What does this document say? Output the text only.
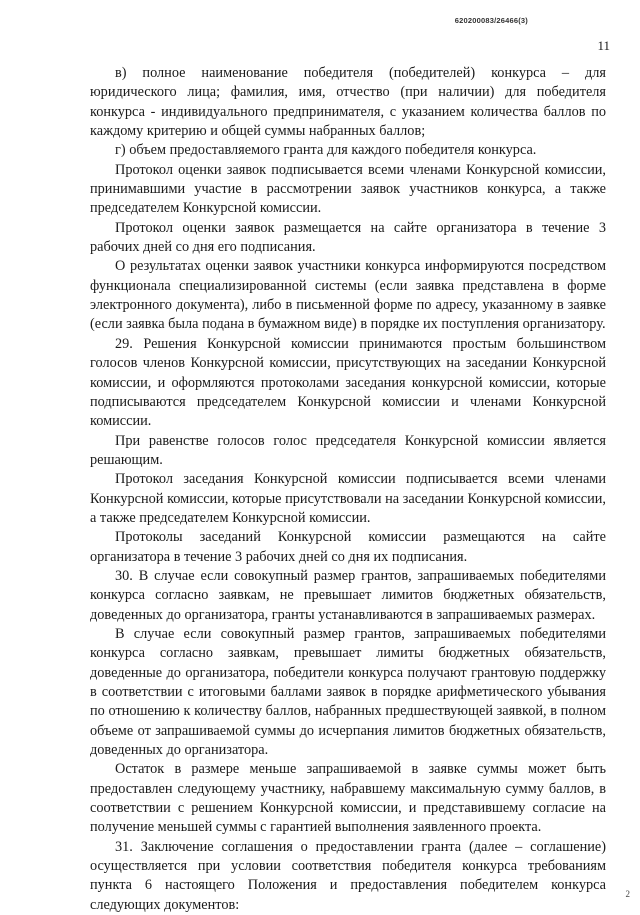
620200083/26466(3)
11

в) полное наименование победителя (победителей) конкурса – для юридического лица; фамилия, имя, отчество (при наличии) для победителя конкурса - индивидуального предпринимателя, с указанием количества баллов по каждому критерию и общей суммы набранных баллов;

г) объем предоставляемого гранта для каждого победителя конкурса.

Протокол оценки заявок подписывается всеми членами Конкурсной комиссии, принимавшими участие в рассмотрении заявок участников конкурса, а также председателем Конкурсной комиссии.

Протокол оценки заявок размещается на сайте организатора в течение 3 рабочих дней со дня его подписания.

О результатах оценки заявок участники конкурса информируются посредством функционала специализированной системы (если заявка представлена в форме электронного документа), либо в письменной форме по адресу, указанному в заявке (если заявка была подана в бумажном виде) в порядке их поступления организатору.

29. Решения Конкурсной комиссии принимаются простым большинством голосов членов Конкурсной комиссии, присутствующих на заседании Конкурсной комиссии, и оформляются протоколами заседания конкурсной комиссии, которые подписываются председателем Конкурсной комиссии и членами Конкурсной комиссии.

При равенстве голосов голос председателя Конкурсной комиссии является решающим.

Протокол заседания Конкурсной комиссии подписывается всеми членами Конкурсной комиссии, которые присутствовали на заседании Конкурсной комиссии, а также председателем Конкурсной комиссии.

Протоколы заседаний Конкурсной комиссии размещаются на сайте организатора в течение 3 рабочих дней со дня их подписания.

30. В случае если совокупный размер грантов, запрашиваемых победителями конкурса согласно заявкам, не превышает лимитов бюджетных обязательств, доведенных до организатора, гранты устанавливаются в запрашиваемых размерах.

В случае если совокупный размер грантов, запрашиваемых победителями конкурса согласно заявкам, превышает лимиты бюджетных обязательств, доведенные до организатора, победители конкурса получают грантовую поддержку в соответствии с итоговыми баллами заявок в порядке арифметического убывания по отношению к количеству баллов, набранных предшествующей заявкой, в полном объеме от запрашиваемой суммы до исчерпания лимитов бюджетных обязательств, доведенных до организатора.

Остаток в размере меньше запрашиваемой в заявке суммы может быть предоставлен следующему участнику, набравшему максимальную сумму баллов, в соответствии с решением Конкурсной комиссии, и представившему согласие на получение меньшей суммы с гарантией выполнения заявленного проекта.

31. Заключение соглашения о предоставлении гранта (далее – соглашение) осуществляется при условии соответствия победителя конкурса требованиям пункта 6 настоящего Положения и предоставления победителем конкурса следующих документов:

2
